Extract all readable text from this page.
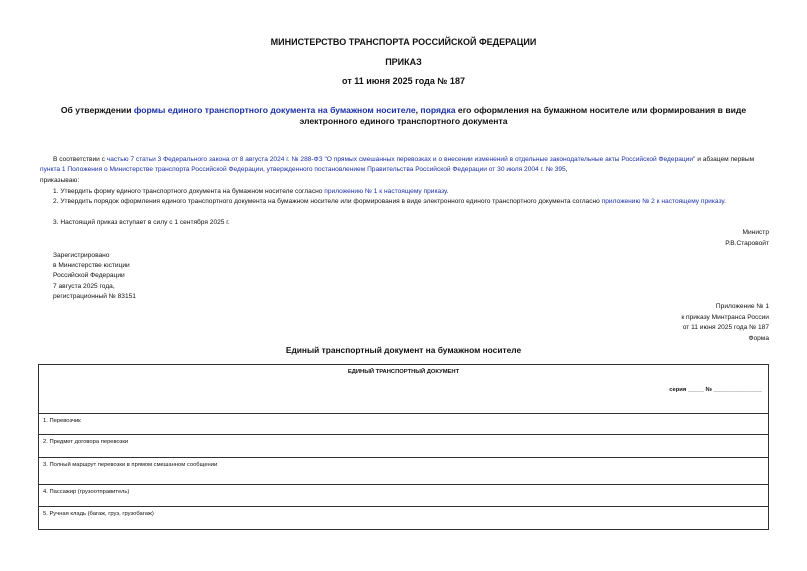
МИНИСТЕРСТВО ТРАНСПОРТА РОССИЙСКОЙ ФЕДЕРАЦИИ
ПРИКАЗ
от 11 июня 2025 года № 187
Об утверждении формы единого транспортного документа на бумажном носителе, порядка его оформления на бумажном носителе или формирования в виде электронного единого транспортного документа
В соответствии с частью 7 статьи 3 Федерального закона от 8 августа 2024 г. № 288-ФЗ "О прямых смешанных перевозках и о внесении изменений в отдельные законодательные акты Российской Федерации" и абзацем первым пункта 1 Положения о Министерстве транспорта Российской Федерации, утвержденного постановлением Правительства Российской Федерации от 30 июля 2004 г. № 395,
приказываю:
1. Утвердить форму единого транспортного документа на бумажном носителе согласно приложению № 1 к настоящему приказу.
2. Утвердить порядок оформления единого транспортного документа на бумажном носителе или формирования в виде электронного единого транспортного документа согласно приложению № 2 к настоящему приказу.
3. Настоящий приказ вступает в силу с 1 сентября 2025 г.
Министр
Р.В.Старовойт
Зарегистрировано
в Министерстве юстиции
Российской Федерации
7 августа 2025 года,
регистрационный № 83151
Приложение № 1
к приказу Минтранса России
от 11 июня 2025 года № 187
Форма
Единый транспортный документ на бумажном носителе
ЕДИНЫЙ ТРАНСПОРТНЫЙ ДОКУМЕНТ
серия _____ № _______________

1. Перевозчик
2. Предмет договора перевозки
3. Полный маршрут перевозки в прямом смешанном сообщении
4. Пассажир (грузоотправитель)
5. Ручная кладь (багаж, груз, грузобагаж)
